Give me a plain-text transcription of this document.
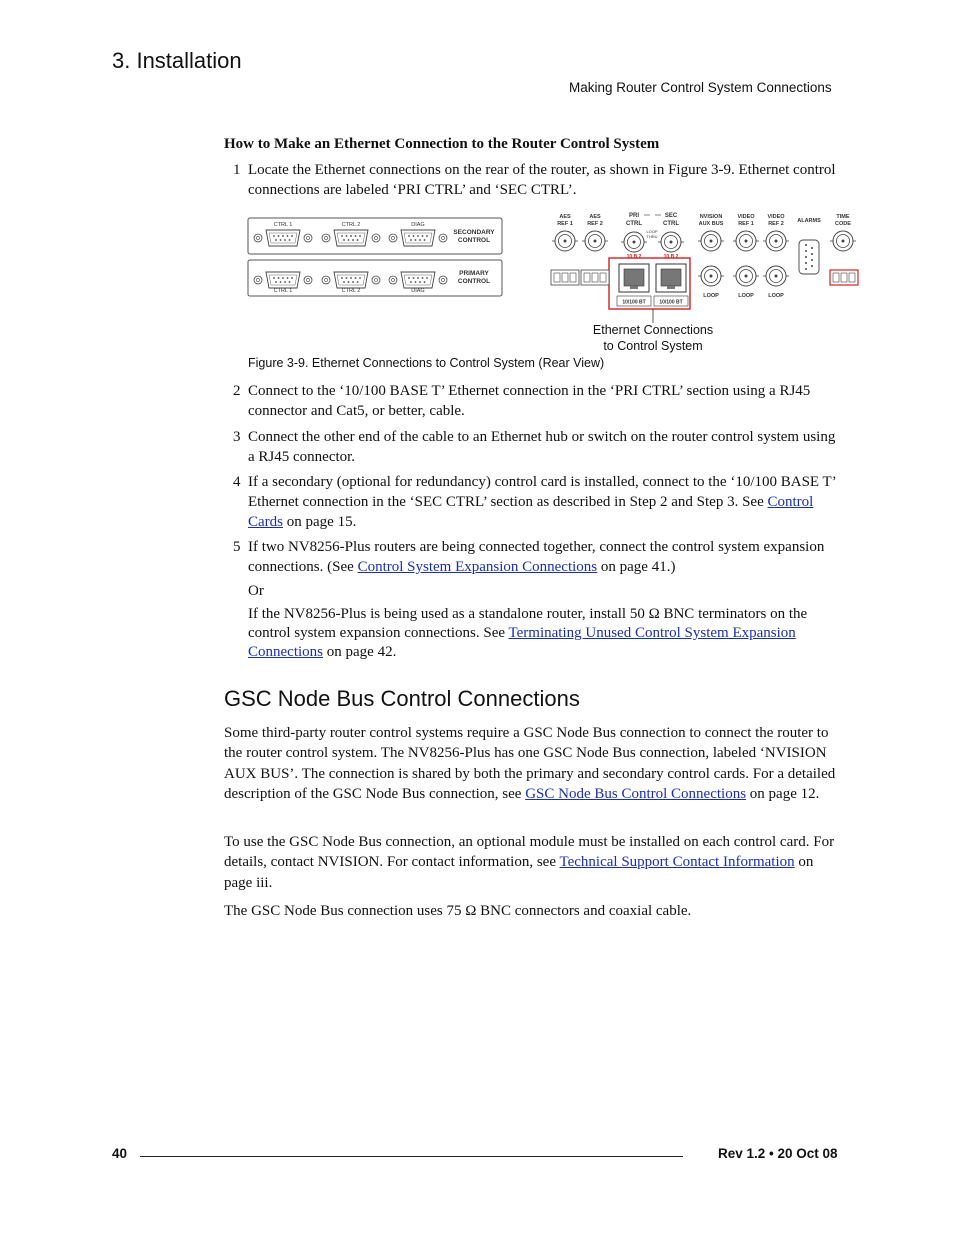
3. Installation
Making Router Control System Connections
How to Make an Ethernet Connection to the Router Control System
1 Locate the Ethernet connections on the rear of the router, as shown in Figure 3-9. Ethernet control connections are labeled ‘PRI CTRL’ and ‘SEC CTRL’.
CTRL 1	CTRL 2	DIAG
SECONDARY
CONTROL
CTRL 1	CTRL 2	DIAG
PRIMARY
CONTROL
AES
REF 1
AES
REF 2
PRI
CTRL
SEC
CTRL
LOOP
THRU
NVISION
AUX BUS
VIDEO
REF 1
VIDEO
REF 2 ALARMS
TIME
CODE
10 B 2	10 B 2
10/100 BT	10/100 BT
LOOP	LOOP	LOOP
Ethernet Connections
to Control System
Figure 3-9. Ethernet Connections to Control System (Rear View)
2 Connect to the ‘10/100 BASE T’ Ethernet connection in the ‘PRI CTRL’ section using a RJ45 connector and Cat5, or better, cable.
3 Connect the other end of the cable to an Ethernet hub or switch on the router control system using a RJ45 connector.
4 If a secondary (optional for redundancy) control card is installed, connect to the ‘10/100 BASE T’ Ethernet connection in the ‘SEC CTRL’ section as described in Step 2 and Step 3. See Control Cards on page 15.
5 If two NV8256-Plus routers are being connected together, connect the control system expansion connections. (See Control System Expansion Connections on page 41.)
Or
If the NV8256-Plus is being used as a standalone router, install 50 Ω BNC terminators on the control system expansion connections. See Terminating Unused Control System Expansion Connections on page 42.
GSC Node Bus Control Connections
Some third-party router control systems require a GSC Node Bus connection to connect the router to the router control system. The NV8256-Plus has one GSC Node Bus connection, labeled ‘NVISION AUX BUS’. The connection is shared by both the primary and secondary control cards. For a detailed description of the GSC Node Bus connection, see GSC Node Bus Control Connections on page 12.
To use the GSC Node Bus connection, an optional module must be installed on each control card. For details, contact NVISION. For contact information, see Technical Support Contact Information on page iii.
The GSC Node Bus connection uses 75 Ω BNC connectors and coaxial cable.
40	Rev 1.2 • 20 Oct 08
